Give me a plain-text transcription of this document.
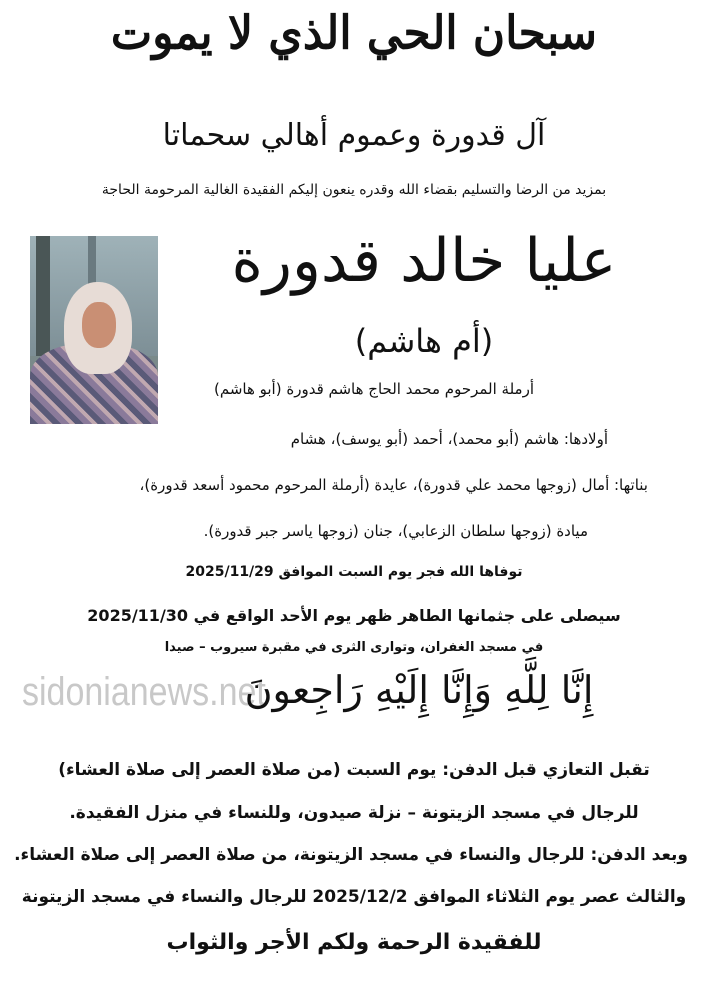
سبحان الحي الذي لا يموت
آل قدورة وعموم أهالي سحماتا
بمزيد من الرضا والتسليم بقضاء الله وقدره ينعون إليكم الفقيدة الغالية المرحومة الحاجة
عليا خالد قدورة
(أم هاشم)
أرملة المرحوم محمد الحاج هاشم قدورة (أبو هاشم)
أولادها: هاشم (أبو محمد)، أحمد (أبو يوسف)، هشام
بناتها: أمال (زوجها محمد علي قدورة)، عايدة (أرملة المرحوم محمود أسعد قدورة)،
ميادة (زوجها سلطان الزعابي)، جنان (زوجها ياسر جبر قدورة).
توفاها الله فجر يوم السبت الموافق 2025/11/29
سيصلى على جثمانها الطاهر ظهر يوم الأحد الواقع في 2025/11/30
في مسجد الغفران، وتوارى الثرى في مقبرة سيروب – صيدا
sidonianews.net
إِنَّا لِلَّهِ وَإِنَّا إِلَيْهِ رَاجِعونَ
تقبل التعازي قبل الدفن: يوم السبت (من صلاة العصر إلى صلاة العشاء)
للرجال في مسجد الزيتونة – نزلة صيدون، وللنساء في منزل الفقيدة.
وبعد الدفن: للرجال والنساء في مسجد الزيتونة، من صلاة العصر إلى صلاة العشاء.
والثالث عصر يوم الثلاثاء الموافق 2025/12/2 للرجال والنساء في مسجد الزيتونة
للفقيدة الرحمة ولكم الأجر والثواب
